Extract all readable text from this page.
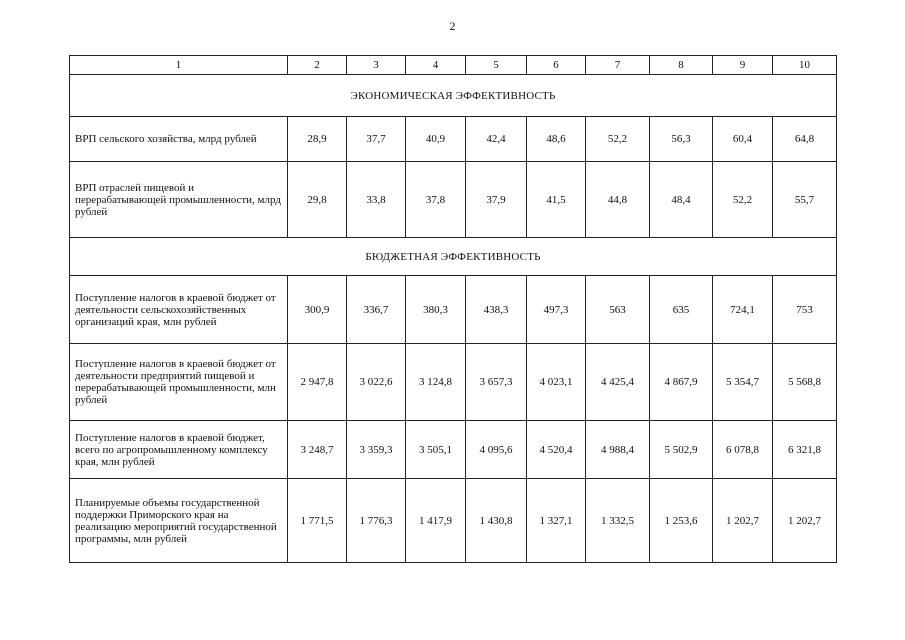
2
1	2	3	4	5	6	7	8	9	10
ЭКОНОМИЧЕСКАЯ ЭФФЕКТИВНОСТЬ									
ВРП сельского хозяйства, млрд рублей	28,9	37,7	40,9	42,4	48,6	52,2	56,3	60,4	64,8
ВРП отраслей пищевой и перерабатывающей промышленности, млрд рублей	29,8	33,8	37,8	37,9	41,5	44,8	48,4	52,2	55,7
БЮДЖЕТНАЯ ЭФФЕКТИВНОСТЬ									
Поступление налогов в краевой бюджет от деятельности сельскохозяйственных организаций края, млн рублей	300,9	336,7	380,3	438,3	497,3	563	635	724,1	753
Поступление налогов в краевой бюджет от деятельности предприятий пищевой и перерабатывающей промышленности, млн рублей	2 947,8	3 022,6	3 124,8	3 657,3	4 023,1	4 425,4	4 867,9	5 354,7	5 568,8
Поступление налогов в краевой бюджет, всего по агропромышленному комплексу края, млн рублей	3 248,7	3 359,3	3 505,1	4 095,6	4 520,4	4 988,4	5 502,9	6 078,8	6 321,8
Планируемые объемы государственной поддержки Приморского края на реализацию мероприятий государственной программы, млн рублей	1 771,5	1 776,3	1 417,9	1 430,8	1 327,1	1 332,5	1 253,6	1 202,7	1 202,7
